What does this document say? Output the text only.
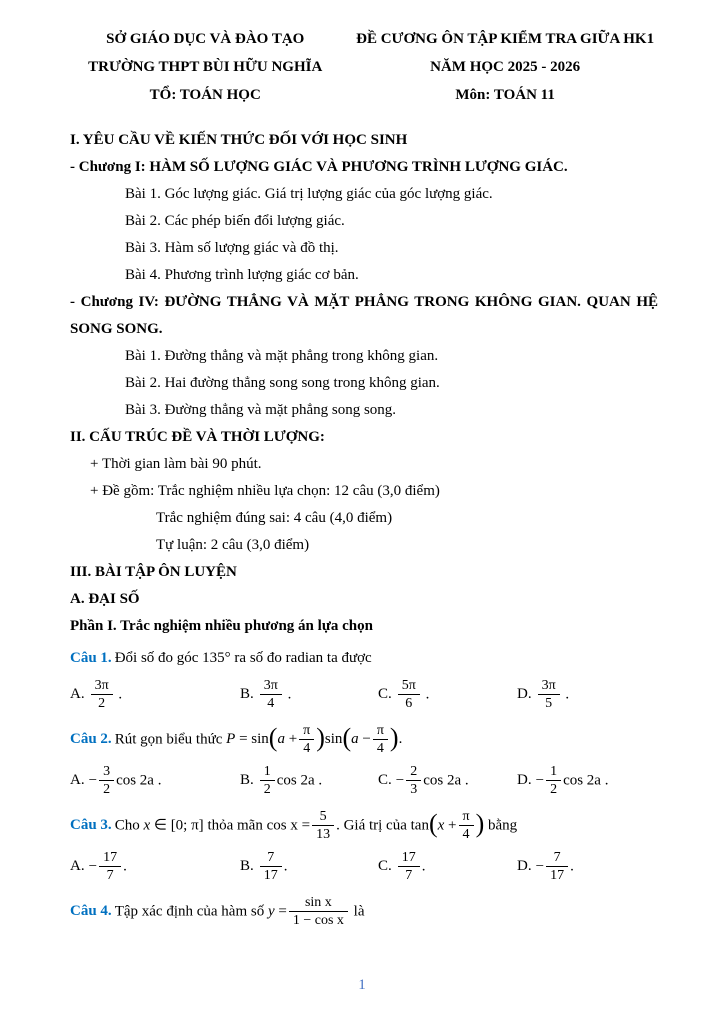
SỞ GIÁO DỤC VÀ ĐÀO TẠO
TRƯỜNG THPT BÙI HỮU NGHĨA
TỔ: TOÁN HỌC
ĐỀ CƯƠNG ÔN TẬP KIỂM TRA GIỮA HK1
NĂM HỌC 2025 - 2026
Môn: TOÁN 11

I. YÊU CẦU VỀ KIẾN THỨC ĐỐI VỚI HỌC SINH

- Chương I: HÀM SỐ LƯỢNG GIÁC VÀ PHƯƠNG TRÌNH LƯỢNG GIÁC.

Bài 1. Góc lượng giác. Giá trị lượng giác của góc lượng giác.

Bài 2. Các phép biến đổi lượng giác.

Bài 3. Hàm số lượng giác và đồ thị.

Bài 4. Phương trình lượng giác cơ bản.

- Chương IV: ĐƯỜNG THẲNG VÀ MẶT PHẲNG TRONG KHÔNG GIAN. QUAN HỆ SONG SONG.

Bài 1. Đường thẳng và mặt phẳng trong không gian.

Bài 2. Hai đường thẳng song song trong không gian.

Bài 3. Đường thẳng và mặt phẳng song song.

II. CẤU TRÚC ĐỀ VÀ THỜI LƯỢNG:

+ Thời gian làm bài 90 phút.

+ Đề gồm: Trắc nghiệm nhiều lựa chọn: 12 câu (3,0 điểm)

Trắc nghiệm đúng sai: 4 câu (4,0 điểm)

Tự luận: 2 câu (3,0 điểm)

III. BÀI TẬP ÔN LUYỆN

A. ĐẠI SỐ

Phần I. Trắc nghiệm nhiều phương án lựa chọn

Câu 1. Đổi số đo góc 135° ra số đo radian ta được

A. $\frac{3\pi}{2}$ .	B. $\frac{3\pi}{4}$ .	C. $\frac{5\pi}{6}$ .	D. $\frac{3\pi}{5}$ .

Câu 2. Rút gọn biểu thức $P = \sin(a + \frac{\pi}{4} )\sin(a - \frac{\pi}{4}$ ).

A. − $\frac{3}{2}$ cos 2a .	B. $\frac{1}{2}$ cos 2a .	C. − $\frac{2}{3}$ cos 2a .	D. − $\frac{1}{2}$ cos 2a .

Câu 3. Cho x ∈ [0; π] thỏa mãn $\cos x = \frac{5}{13}$ . Giá trị của $\tan(x + \frac{\pi}{4}$ ) bằng

A. − $\frac{17}{7}$ .	B. $\frac{7}{17}$ .	C. $\frac{17}{7}$ .	D. − $\frac{7}{17}$ .

Câu 4. Tập xác định của hàm số $y = \frac{\text{sin x}}{\text{1 − cos x}}$ là

1
